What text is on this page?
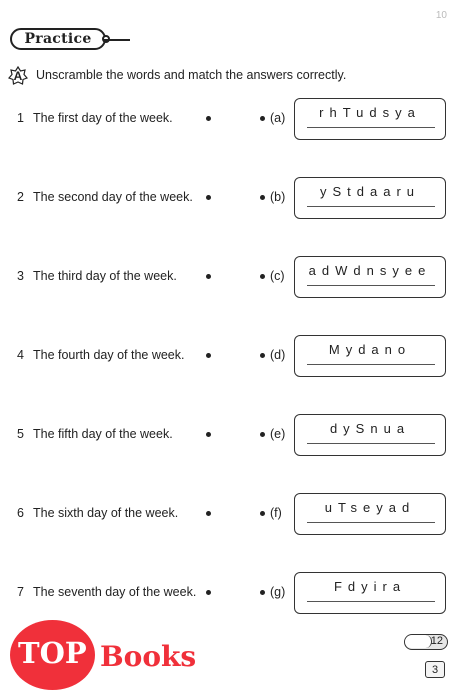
10
Practice
A Unscramble the words and match the answers correctly.
1 The first day of the week.	(a)	rhTudsya
2 The second day of the week.	(b)	yStdaaru
3 The third day of the week.	(c)	adWdnsyee
4 The fourth day of the week.	(d)	Mydano
5 The fifth day of the week.	(e)	dySnua
6 The sixth day of the week.	(f)	uTseyad
7 The seventh day of the week.	(g)	Fdyira
12
TOP Books	3
